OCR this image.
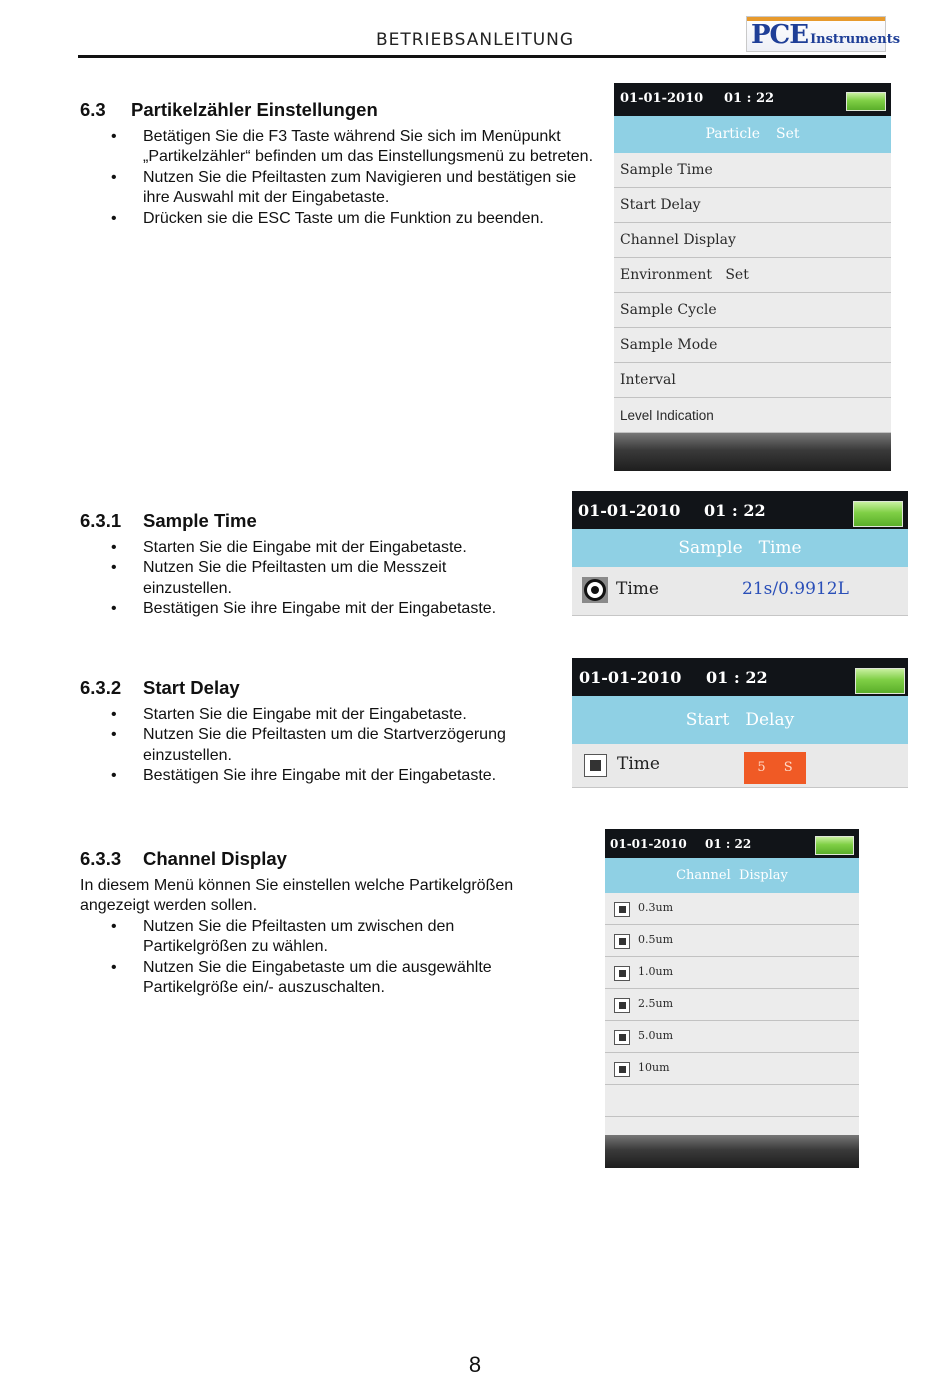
BETRIEBSANLEITUNG	PCE Instruments
6.3 Partikelzähler Einstellungen
• Betätigen Sie die F3 Taste während Sie sich im Menüpunkt „Partikelzähler“ befinden um das Einstellungsmenü zu betreten.
• Nutzen Sie die Pfeiltasten zum Navigieren und bestätigen sie ihre Auswahl mit der Eingabetaste.
• Drücken sie die ESC Taste um die Funktion zu beenden.
01-01-2010 01 : 22
Particle Set
Sample Time
Start Delay
Channel Display
Environment   Set
Sample Cycle
Sample Mode
Interval
Level Indication
6.3.1 Sample Time
• Starten Sie die Eingabe mit der Eingabetaste.
• Nutzen Sie die Pfeiltasten um die Messzeit einzustellen.
• Bestätigen Sie ihre Eingabe mit der Eingabetaste.
01-01-2010 01 : 22
Sample Time
Time	21s/0.9912L
6.3.2 Start Delay
• Starten Sie die Eingabe mit der Eingabetaste.
• Nutzen Sie die Pfeiltasten um die Startverzögerung einzustellen.
• Bestätigen Sie ihre Eingabe mit der Eingabetaste.
01-01-2010 01 : 22
Start Delay
Time	5 S
6.3.3 Channel Display

In diesem Menü können Sie einstellen welche Partikelgrößen angezeigt werden sollen.

• Nutzen Sie die Pfeiltasten um zwischen den Partikelgrößen zu wählen.
• Nutzen Sie die Eingabetaste um die ausgewählte Partikelgröße ein/- auszuschalten.
01-01-2010 01 : 22
Channel  Display
0.3um
0.5um
1.0um
2.5um
5.0um
10um
8
